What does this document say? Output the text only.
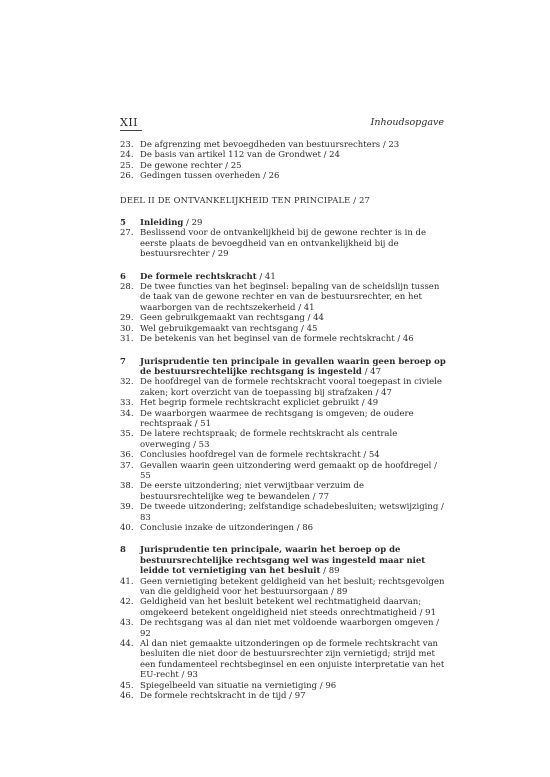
XII	Inhoudsopgave
23. De afgrenzing met bevoegdheden van bestuursrechters / 23
24. De basis van artikel 112 van de Grondwet / 24
25. De gewone rechter / 25
26. Gedingen tussen overheden / 26
DEEL II DE ONTVANKELIJKHEID TEN PRINCIPALE / 27
5	Inleiding / 29
27. Beslissend voor de ontvankelijkheid bij de gewone rechter is in de eerste plaats de bevoegdheid van en ontvankelijkheid bij de bestuursrechter / 29
6	De formele rechtskracht / 41
28. De twee functies van het beginsel: bepaling van de scheidslijn tussen de taak van de gewone rechter en van de bestuursrechter, en het waarborgen van de rechtszekerheid / 41
29. Geen gebruikgemaakt van rechtsgang / 44
30. Wel gebruikgemaakt van rechtsgang / 45
31. De betekenis van het beginsel van de formele rechtskracht / 46
7	Jurisprudentie ten principale in gevallen waarin geen beroep op de bestuursrechtelijke rechtsgang is ingesteld / 47
32. De hoofdregel van de formele rechtskracht vooral toegepast in civiele zaken; kort overzicht van de toepassing bij strafzaken / 47
33. Het begrip formele rechtskracht expliciet gebruikt / 49
34. De waarborgen waarmee de rechtsgang is omgeven; de oudere rechtspraak / 51
35. De latere rechtspraak; de formele rechtskracht als centrale overweging / 53
36. Conclusies hoofdregel van de formele rechtskracht / 54
37. Gevallen waarin geen uitzondering werd gemaakt op de hoofdregel / 55
38. De eerste uitzondering; niet verwijtbaar verzuim de bestuursrechtelijke weg te bewandelen / 77
39. De tweede uitzondering; zelfstandige schadebesluiten; wetswijziging / 83
40. Conclusie inzake de uitzonderingen / 86
8	Jurisprudentie ten principale, waarin het beroep op de bestuursrechtelijke rechtsgang wel was ingesteld maar niet leidde tot vernietiging van het besluit / 89
41. Geen vernietiging betekent geldigheid van het besluit; rechtsgevolgen van die geldigheid voor het bestuursorgaan / 89
42. Geldigheid van het besluit betekent wel rechtmatigheid daarvan; omgekeerd betekent ongeldigheid niet steeds onrechtmatigheid / 91
43. De rechtsgang was al dan niet met voldoende waarborgen omgeven / 92
44. Al dan niet gemaakte uitzonderingen op de formele rechtskracht van besluiten die niet door de bestuursrechter zijn vernietigd; strijd met een fundamenteel rechtsbeginsel en een onjuiste interpretatie van het EU-recht / 93
45. Spiegelbeeld van situatie na vernietiging / 96
46. De formele rechtskracht in de tijd / 97
